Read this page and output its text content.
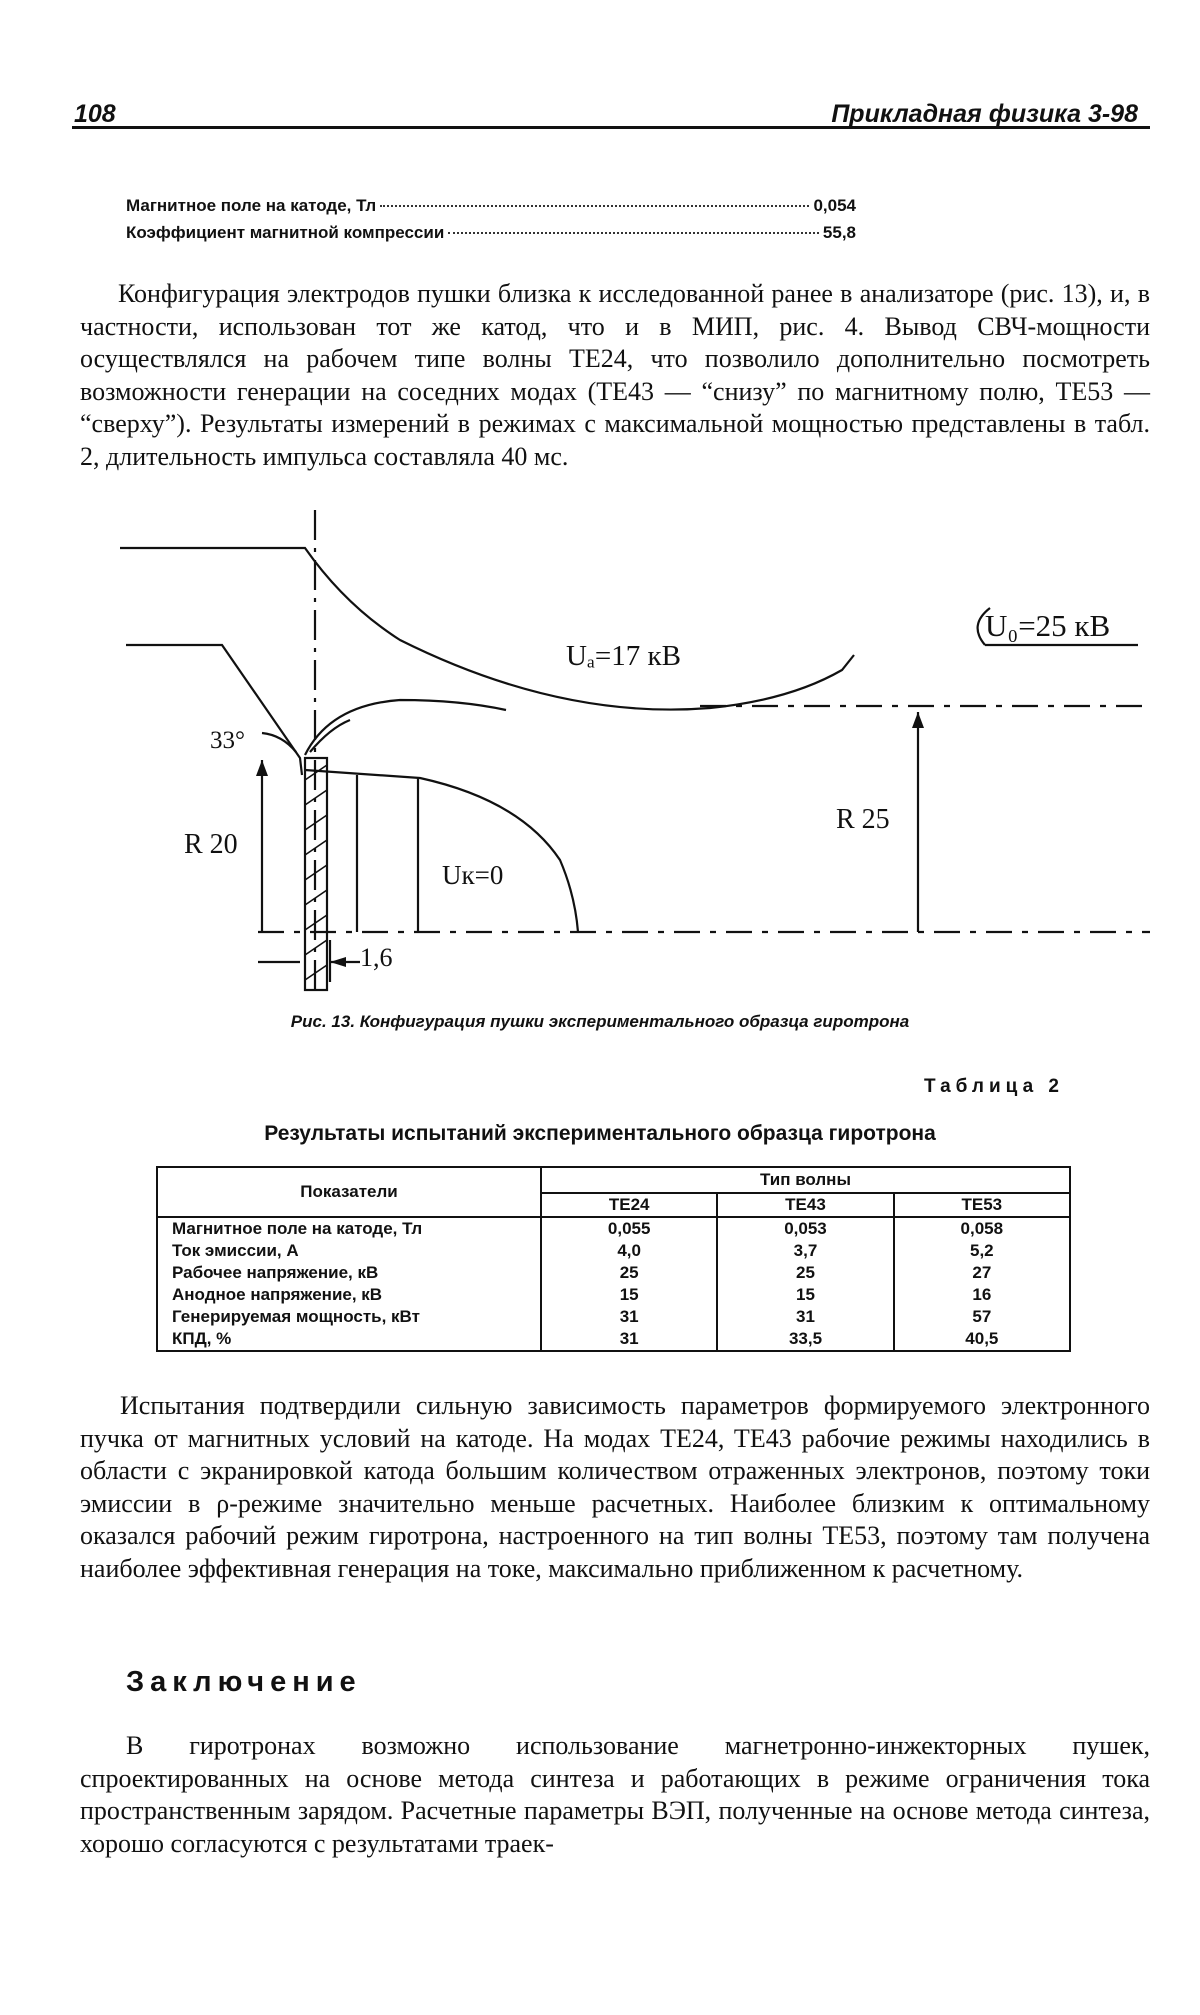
108	Прикладная физика 3-98
Магнитное поле на катоде, Тл	0,054
Коэффициент магнитной компрессии	55,8

Конфигурация электродов пушки близка к исследованной ранее в анализаторе (рис. 13), и, в частности, использован тот же катод, что и в МИП, рис. 4. Вывод СВЧ-мощности осуществлялся на рабочем типе волны TE24, что позволило дополнительно посмотреть возможности генерации на соседних модах (TE43 — “снизу” по магнитному полю, TE53 — “сверху”). Результаты измерений в режимах с максимальной мощностью представлены в табл. 2, длительность импульса составляла 40 мс.

U₀=25 кВ
Uₐ=17 кВ
Uк=0
33°
R 20
R 25
1,6
Рис. 13. Конфигурация пушки экспериментального образца гиротрона
Таблица 2
Результаты испытаний экспериментального образца гиротрона
Показатели	Тип волны		
	TE24	TE43	TE53
Магнитное поле на катоде, Тл	0,055	0,053	0,058
Ток эмиссии, А	4,0	3,7	5,2
Рабочее напряжение, кВ	25	25	27
Анодное напряжение, кВ	15	15	16
Генерируемая мощность, кВт	31	31	57
КПД, %	31	33,5	40,5

Испытания подтвердили сильную зависимость параметров формируемого электронного пучка от магнитных условий на катоде. На модах TE24, TE43 рабочие режимы находились в области с экранировкой катода большим количеством отраженных электронов, поэтому токи эмиссии в ρ-режиме значительно меньше расчетных. Наиболее близким к оптимальному оказался рабочий режим гиротрона, настроенного на тип волны TE53, поэтому там получена наиболее эффективная генерация на токе, максимально приближенном к расчетному.

Заключение

В гиротронах возможно использование магнетронно-инжекторных пушек, спроектированных на основе метода синтеза и работающих в режиме ограничения тока пространственным зарядом. Расчетные параметры ВЭП, полученные на основе метода синтеза, хорошо согласуются с результатами траек-
